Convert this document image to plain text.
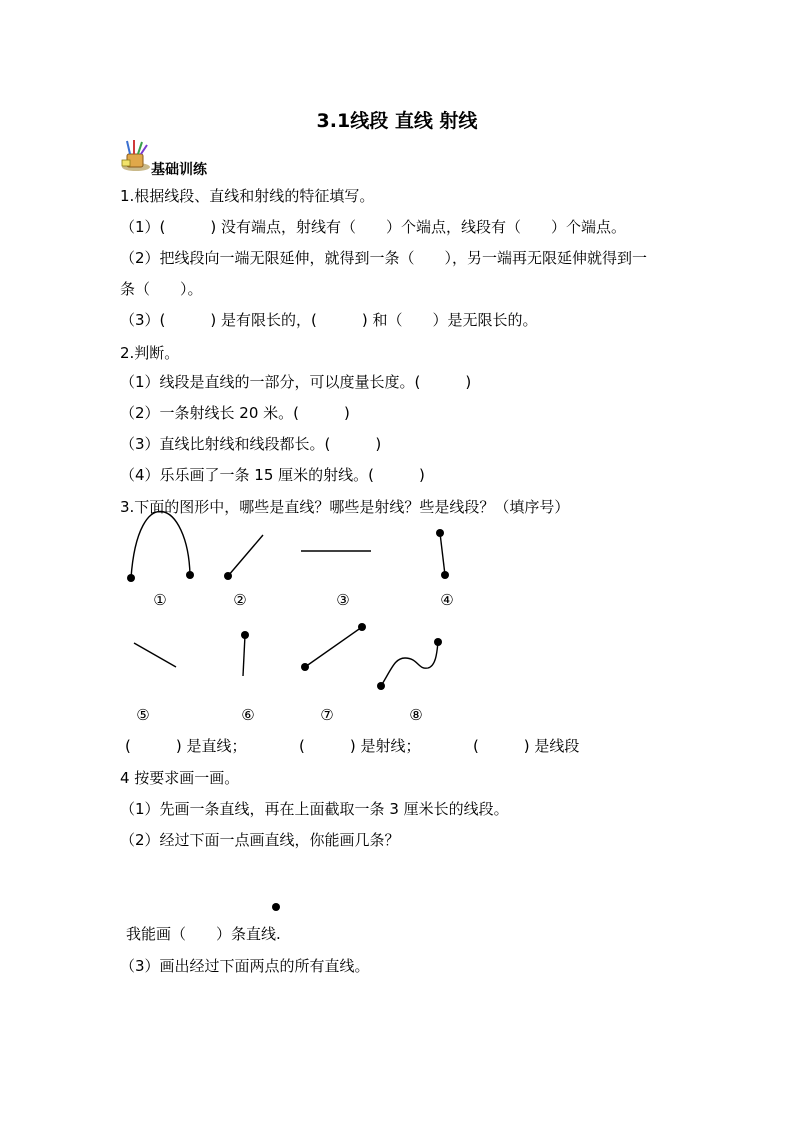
3.1线段 直线 射线
基础训练
1.根据线段、直线和射线的特征填写。
（1）(　　　) 没有端点，射线有（　　）个端点，线段有（　　）个端点。
（2）把线段向一端无限延伸，就得到一条（　　），另一端再无限延伸就得到一
条（　　）。
（3）(　　　) 是有限长的，(　　　) 和（　　）是无限长的。
2.判断。
（1）线段是直线的一部分，可以度量长度。(　　　)
（2）一条射线长 20 米。(　　　)
（3）直线比射线和线段都长。(　　　)
（4）乐乐画了一条 15 厘米的射线。(　　　)
3.下面的图形中，哪些是直线？哪些是射线？些是线段？（填序号）
①	②	③	④
⑤	⑥	⑦	⑧
(　　　) 是直线；　　　　(　　　) 是射线；　　　　(　　　) 是线段
4 按要求画一画。
（1）先画一条直线，再在上面截取一条 3 厘米长的线段。
（2）经过下面一点画直线，你能画几条？
我能画（　　）条直线.
（3）画出经过下面两点的所有直线。
